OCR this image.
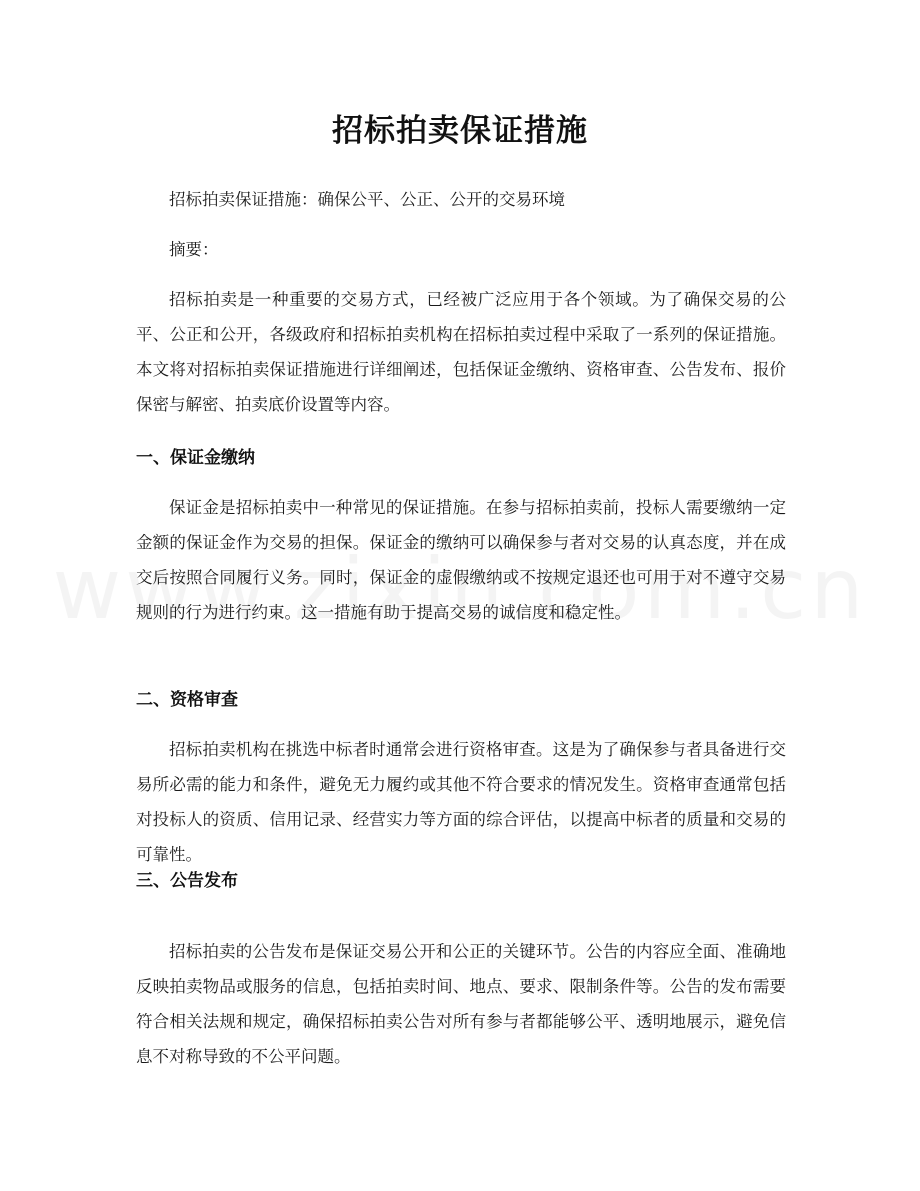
招标拍卖保证措施

招标拍卖保证措施：确保公平、公正、公开的交易环境

摘要：

招标拍卖是一种重要的交易方式，已经被广泛应用于各个领域。为了确保交易的公平、公正和公开，各级政府和招标拍卖机构在招标拍卖过程中采取了一系列的保证措施。本文将对招标拍卖保证措施进行详细阐述，包括保证金缴纳、资格审查、公告发布、报价保密与解密、拍卖底价设置等内容。

一、保证金缴纳

保证金是招标拍卖中一种常见的保证措施。在参与招标拍卖前，投标人需要缴纳一定金额的保证金作为交易的担保。保证金的缴纳可以确保参与者对交易的认真态度，并在成交后按照合同履行义务。同时，保证金的虚假缴纳或不按规定退还也可用于对不遵守交易规则的行为进行约束。这一措施有助于提高交易的诚信度和稳定性。

二、资格审查

招标拍卖机构在挑选中标者时通常会进行资格审查。这是为了确保参与者具备进行交易所必需的能力和条件，避免无力履约或其他不符合要求的情况发生。资格审查通常包括对投标人的资质、信用记录、经营实力等方面的综合评估，以提高中标者的质量和交易的可靠性。

三、公告发布

招标拍卖的公告发布是保证交易公开和公正的关键环节。公告的内容应全面、准确地反映拍卖物品或服务的信息，包括拍卖时间、地点、要求、限制条件等。公告的发布需要符合相关法规和规定，确保招标拍卖公告对所有参与者都能够公平、透明地展示，避免信息不对称导致的不公平问题。
